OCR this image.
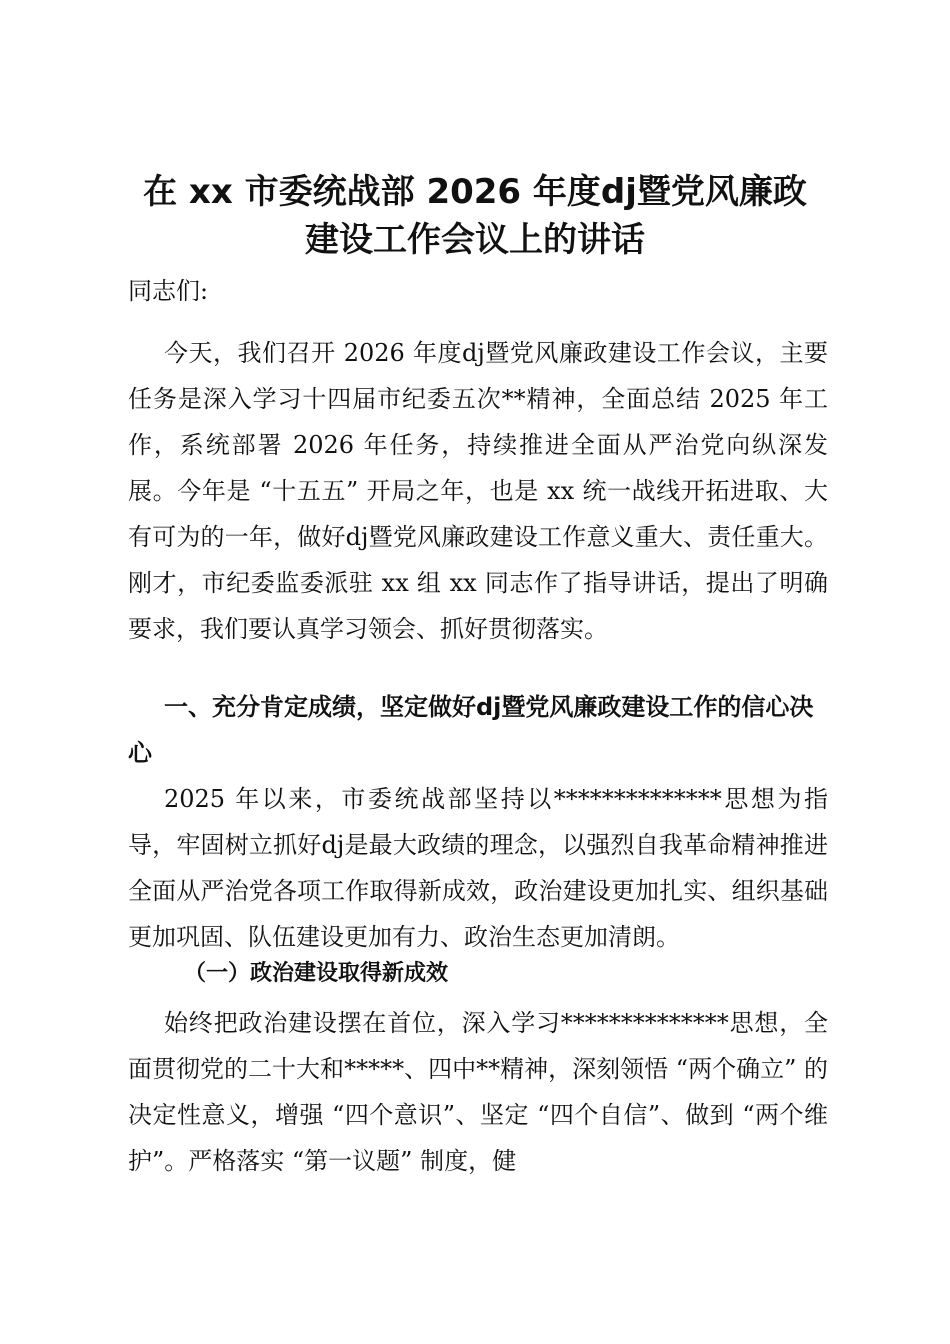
在 xx 市委统战部 2026 年度dj暨党风廉政
建设工作会议上的讲话

同志们:

今天，我们召开 2026 年度dj暨党风廉政建设工作会议，主要任务是深入学习十四届市纪委五次**精神，全面总结 2025 年工作，系统部署 2026 年任务，持续推进全面从严治党向纵深发展。今年是 “十五五” 开局之年，也是 xx 统一战线开拓进取、大有可为的一年，做好dj暨党风廉政建设工作意义重大、责任重大。刚才，市纪委监委派驻 xx 组 xx 同志作了指导讲话，提出了明确要求，我们要认真学习领会、抓好贯彻落实。

一、充分肯定成绩，坚定做好dj暨党风廉政建设工作的信心决心

2025 年以来，市委统战部坚持以**************思想为指导，牢固树立抓好dj是最大政绩的理念，以强烈自我革命精神推进全面从严治党各项工作取得新成效，政治建设更加扎实、组织基础更加巩固、队伍建设更加有力、政治生态更加清朗。

（一）政治建设取得新成效

始终把政治建设摆在首位，深入学习**************思想，全面贯彻党的二十大和*****、四中**精神，深刻领悟 “两个确立” 的决定性意义，增强 “四个意识”、坚定 “四个自信”、做到 “两个维护”。严格落实 “第一议题” 制度，健
